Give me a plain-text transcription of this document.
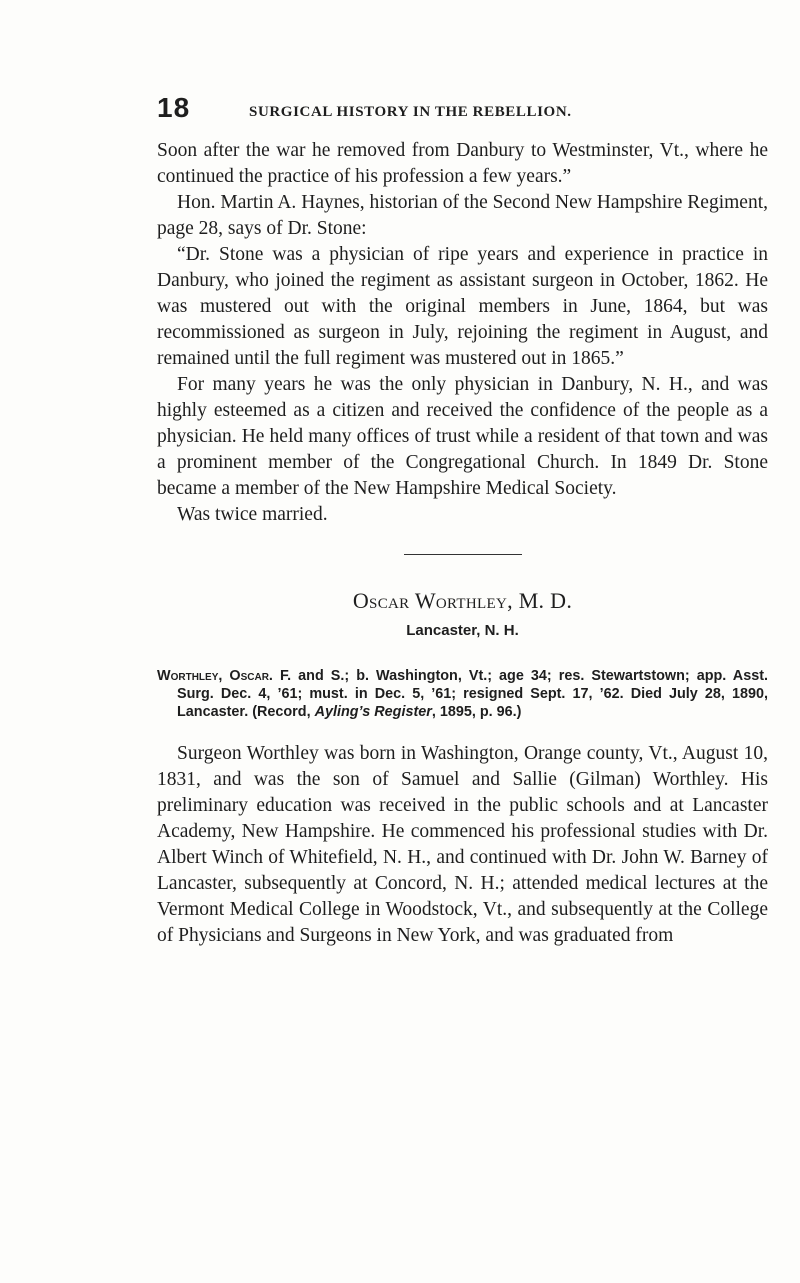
18	SURGICAL HISTORY IN THE REBELLION.

Soon after the war he removed from Danbury to Westminster, Vt., where he continued the practice of his profession a few years.”

Hon. Martin A. Haynes, historian of the Second New Hampshire Regiment, page 28, says of Dr. Stone:

“Dr. Stone was a physician of ripe years and experience in practice in Danbury, who joined the regiment as assistant surgeon in October, 1862. He was mustered out with the original members in June, 1864, but was recommissioned as surgeon in July, rejoining the regiment in August, and remained until the full regiment was mustered out in 1865.”

For many years he was the only physician in Danbury, N. H., and was highly esteemed as a citizen and received the confidence of the people as a physician. He held many offices of trust while a resident of that town and was a prominent member of the Congregational Church. In 1849 Dr. Stone became a member of the New Hampshire Medical Society.

Was twice married.

Oscar Worthley, M. D.
Lancaster, N. H.
Worthley, Oscar. F. and S.; b. Washington, Vt.; age 34; res. Stewartstown; app. Asst. Surg. Dec. 4, ’61; must. in Dec. 5, ’61; resigned Sept. 17, ’62. Died July 28, 1890, Lancaster. (Record, Ayling’s Register, 1895, p. 96.)

Surgeon Worthley was born in Washington, Orange county, Vt., August 10, 1831, and was the son of Samuel and Sallie (Gilman) Worthley. His preliminary education was received in the public schools and at Lancaster Academy, New Hampshire. He commenced his professional studies with Dr. Albert Winch of Whitefield, N. H., and continued with Dr. John W. Barney of Lancaster, subsequently at Concord, N. H.; attended medical lectures at the Vermont Medical College in Woodstock, Vt., and subsequently at the College of Physicians and Surgeons in New York, and was graduated from
